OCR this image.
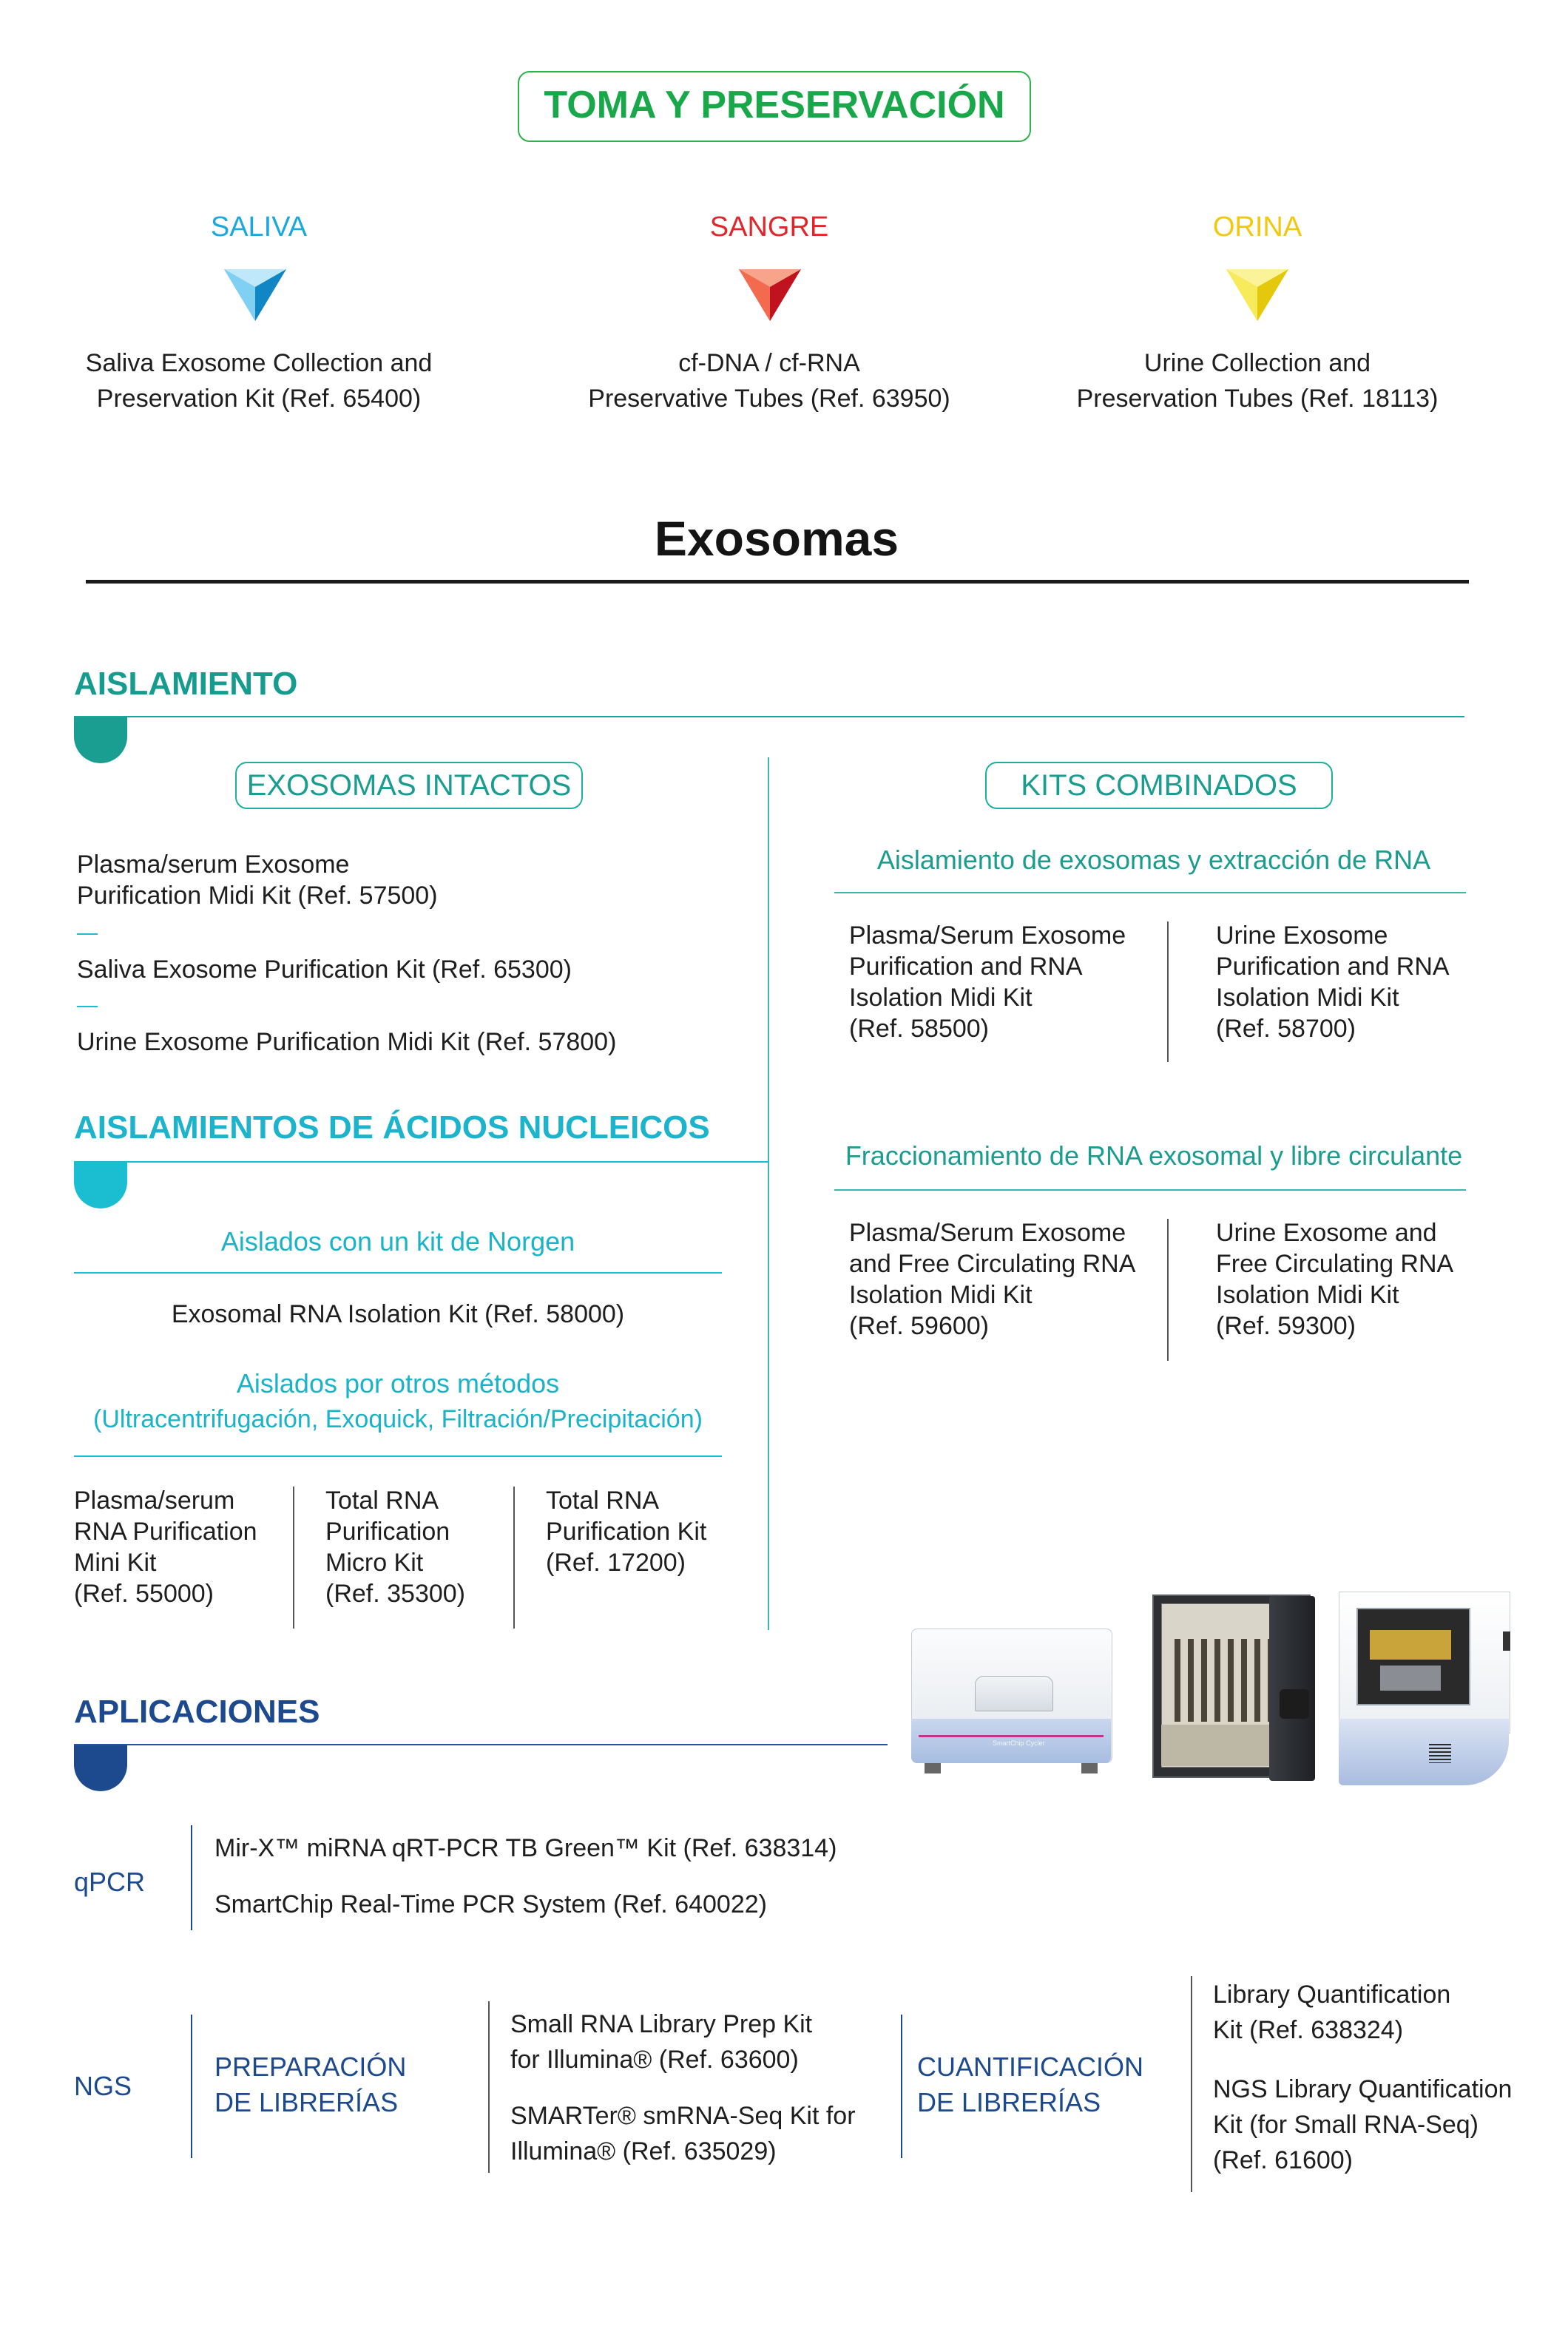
TOMA Y PRESERVACIÓN
SALIVA
Saliva Exosome Collection and
Preservation Kit (Ref. 65400)
SANGRE
cf-DNA / cf-RNA
Preservative Tubes (Ref. 63950)
ORINA
Urine Collection and
Preservation Tubes (Ref. 18113)
Exosomas
AISLAMIENTO
EXOSOMAS INTACTOS
Plasma/serum Exosome
Purification Midi Kit (Ref. 57500)
Saliva Exosome Purification Kit (Ref. 65300)
Urine Exosome Purification Midi Kit (Ref. 57800)
KITS COMBINADOS
Aislamiento de exosomas y extracción de RNA
Plasma/Serum Exosome
Purification and RNA
Isolation Midi Kit
(Ref. 58500)
Urine Exosome
Purification and RNA
Isolation Midi Kit
(Ref. 58700)
Fraccionamiento de RNA exosomal y libre circulante
Plasma/Serum Exosome
and Free Circulating RNA
Isolation Midi Kit
(Ref. 59600)
Urine Exosome and
Free Circulating RNA
Isolation Midi Kit
(Ref. 59300)
AISLAMIENTOS DE ÁCIDOS NUCLEICOS
Aislados con un kit de Norgen
Exosomal RNA Isolation Kit (Ref. 58000)
Aislados por otros métodos
(Ultracentrifugación, Exoquick, Filtración/Precipitación)
Plasma/serum
RNA Purification
Mini Kit
(Ref. 55000)
Total RNA
Purification
Micro Kit
(Ref. 35300)
Total RNA
Purification Kit
(Ref. 17200)
SmartChip Cycler
APLICACIONES
qPCR
Mir-X™ miRNA qRT-PCR TB Green™ Kit (Ref. 638314)
SmartChip Real-Time PCR System (Ref. 640022)
NGS
PREPARACIÓN
DE LIBRERÍAS
Small RNA Library Prep Kit
for Illumina® (Ref. 63600)
SMARTer® smRNA-Seq Kit for
Illumina® (Ref. 635029)
CUANTIFICACIÓN
DE LIBRERÍAS
Library Quantification
Kit (Ref. 638324)
NGS Library Quantification
Kit (for Small RNA-Seq)
(Ref. 61600)
